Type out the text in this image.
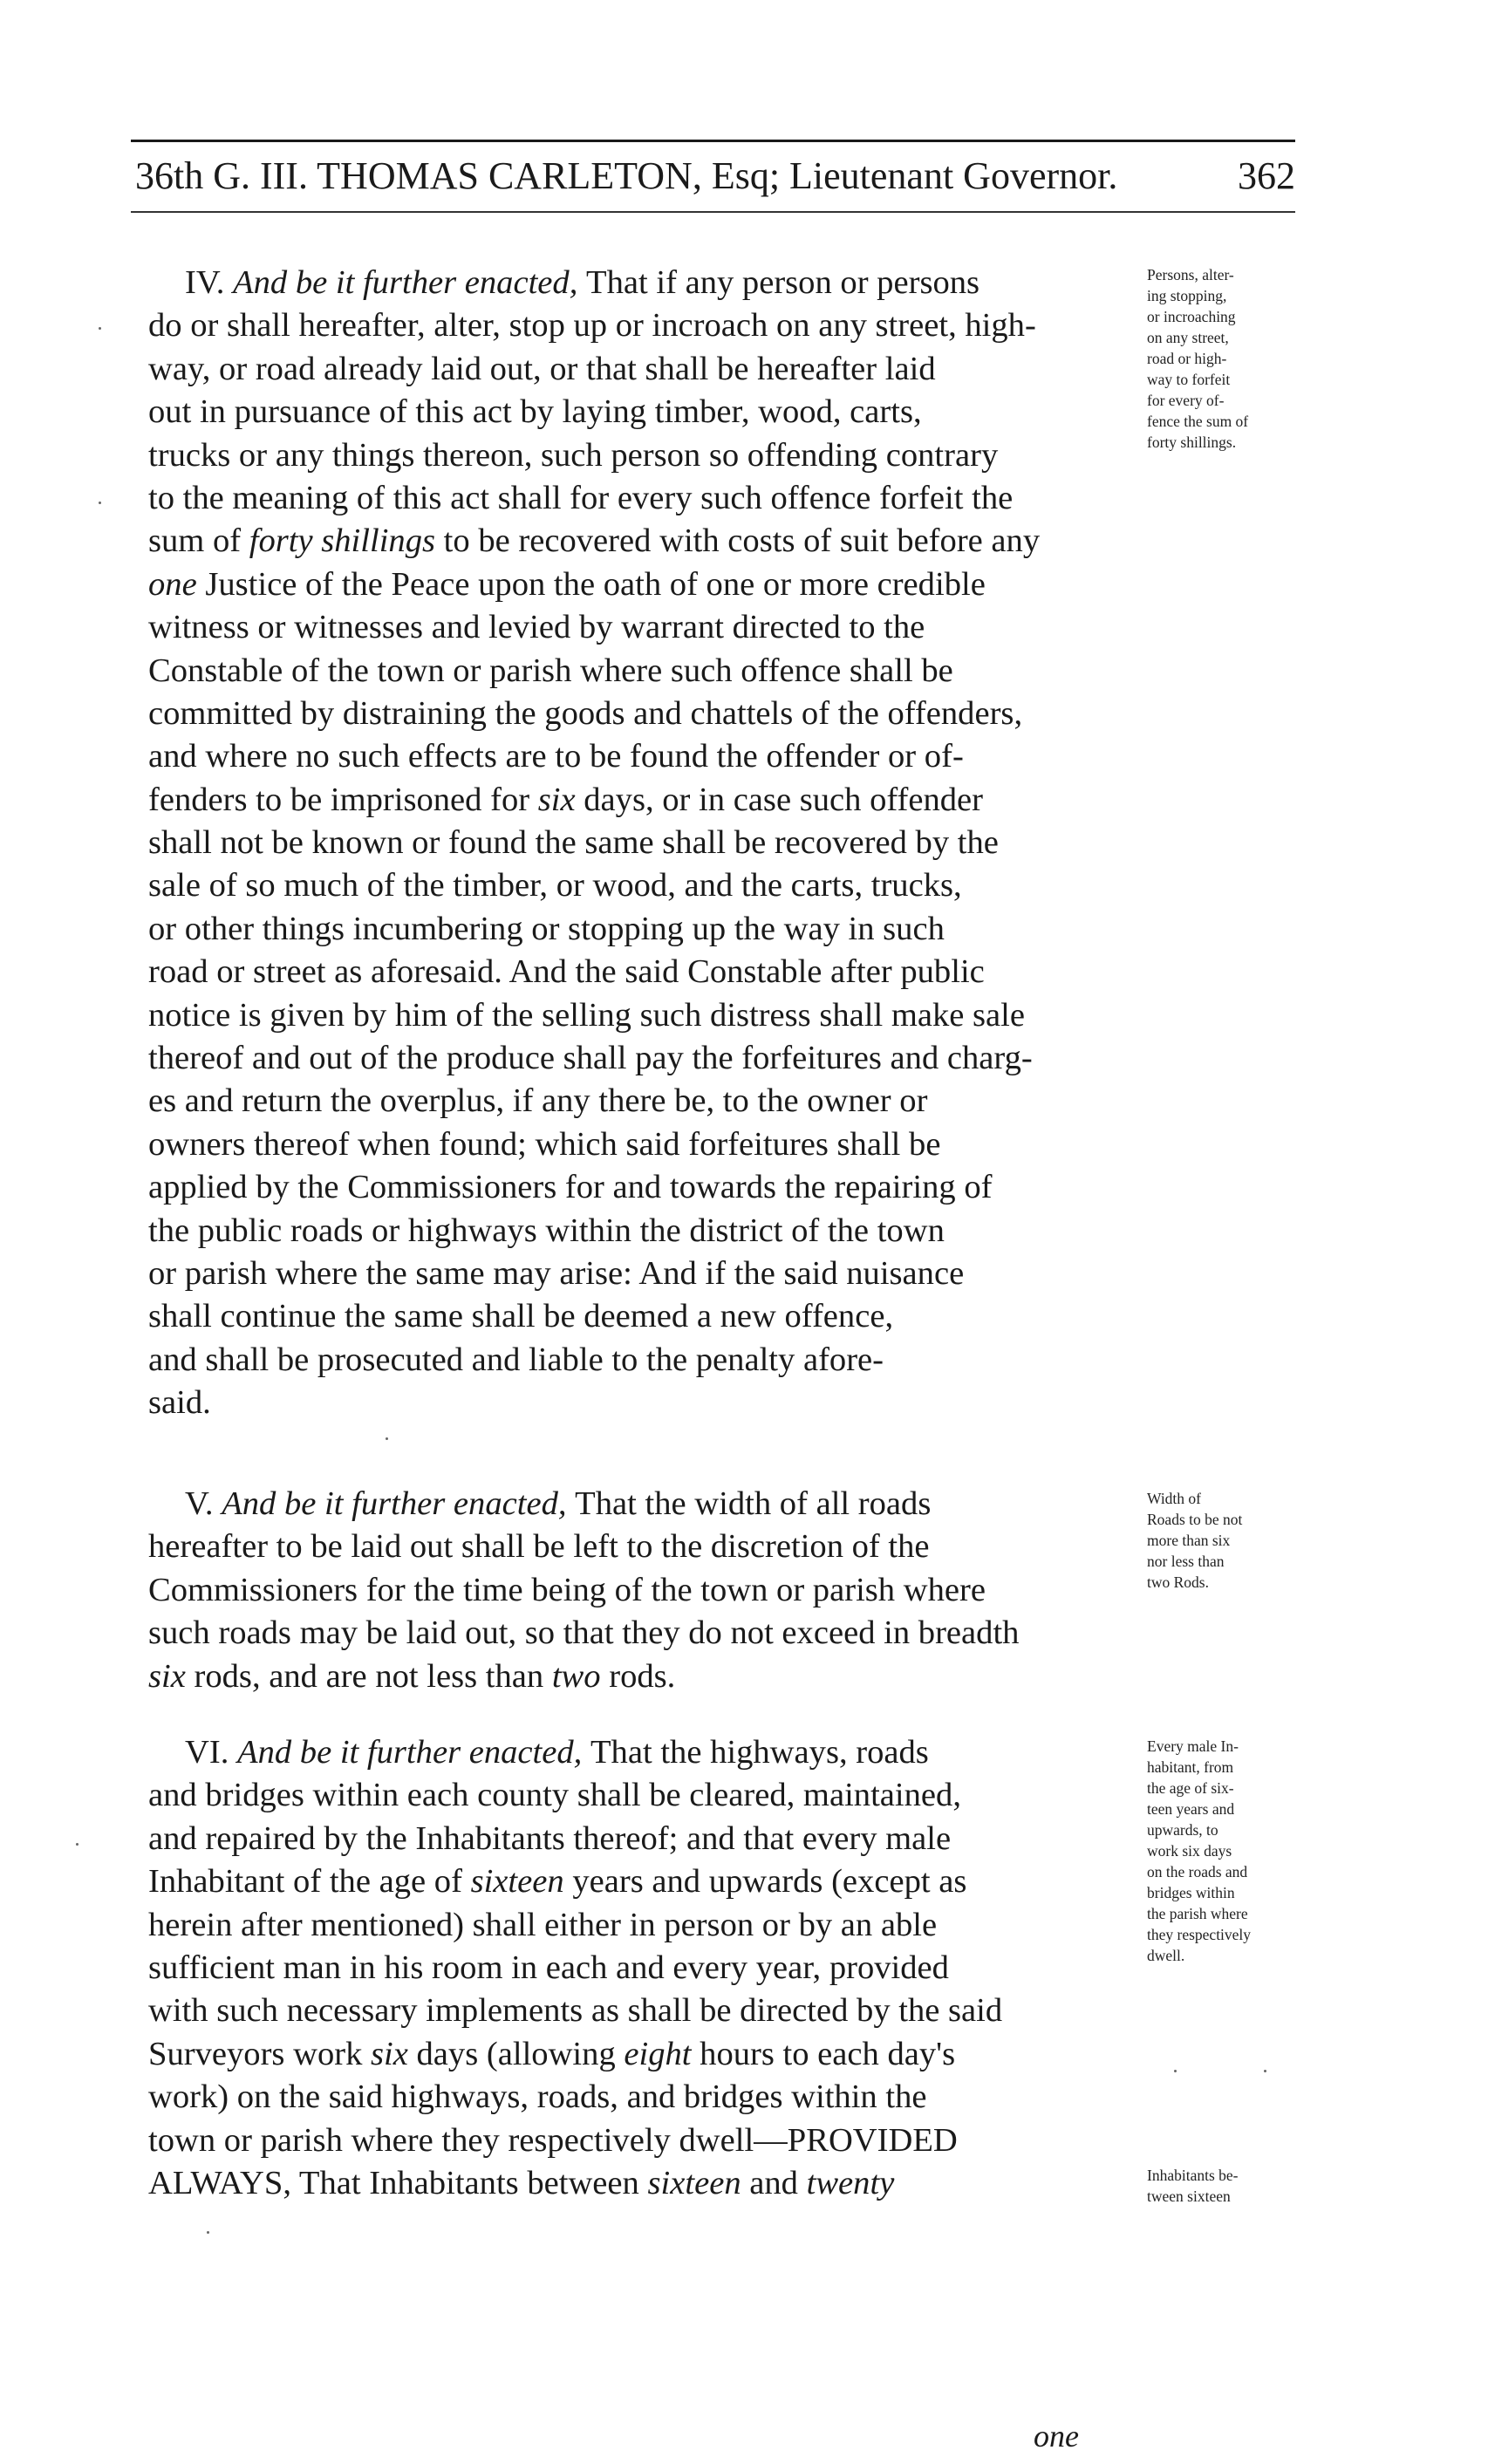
36th G. III. THOMAS CARLETON, Esq; Lieutenant Governor.	362
IV. And be it further enacted, That if any person or persons
do or shall hereafter, alter, stop up or incroach on any street, high-
way, or road already laid out, or that shall be hereafter laid
out in pursuance of this act by laying timber, wood, carts,
trucks or any things thereon, such person so offending contrary
to the meaning of this act shall for every such offence forfeit the
sum of forty shillings to be recovered with costs of suit before any
one Justice of the Peace upon the oath of one or more credible
witness or witnesses and levied by warrant directed to the
Constable of the town or parish where such offence shall be
committed by distraining the goods and chattels of the offenders,
and where no such effects are to be found the offender or of-
fenders to be imprisoned for six days, or in case such offender
shall not be known or found the same shall be recovered by the
sale of so much of the timber, or wood, and the carts, trucks,
or other things incumbering or stopping up the way in such
road or street as aforesaid. And the said Constable after public
notice is given by him of the selling such distress shall make sale
thereof and out of the produce shall pay the forfeitures and charg-
es and return the overplus, if any there be, to the owner or
owners thereof when found; which said forfeitures shall be
applied by the Commissioners for and towards the repairing of
the public roads or highways within the district of the town
or parish where the same may arise: And if the said nuisance
shall continue the same shall be deemed a new offence,
and shall be prosecuted and liable to the penalty afore-
said.
V. And be it further enacted, That the width of all roads
hereafter to be laid out shall be left to the discretion of the
Commissioners for the time being of the town or parish where
such roads may be laid out, so that they do not exceed in breadth
six rods, and are not less than two rods.
VI. And be it further enacted, That the highways, roads
and bridges within each county shall be cleared, maintained,
and repaired by the Inhabitants thereof; and that every male
Inhabitant of the age of sixteen years and upwards (except as
herein after mentioned) shall either in person or by an able
sufficient man in his room in each and every year, provided
with such necessary implements as shall be directed by the said
Surveyors work six days (allowing eight hours to each day's
work) on the said highways, roads, and bridges within the
town or parish where they respectively dwell—PROVIDED
ALWAYS, That Inhabitants between sixteen and twenty
Persons, alter-
ing stopping,
or incroaching
on any street,
road or high-
way to forfeit
for every of-
fence the sum of
forty shillings.
Width of
Roads to be not
more than six
nor less than
two Rods.
Every male In-
habitant, from
the age of six-
teen years and
upwards, to
work six days
on the roads and
bridges within
the parish where
they respectively
dwell.
Inhabitants be-
tween sixteen
one
